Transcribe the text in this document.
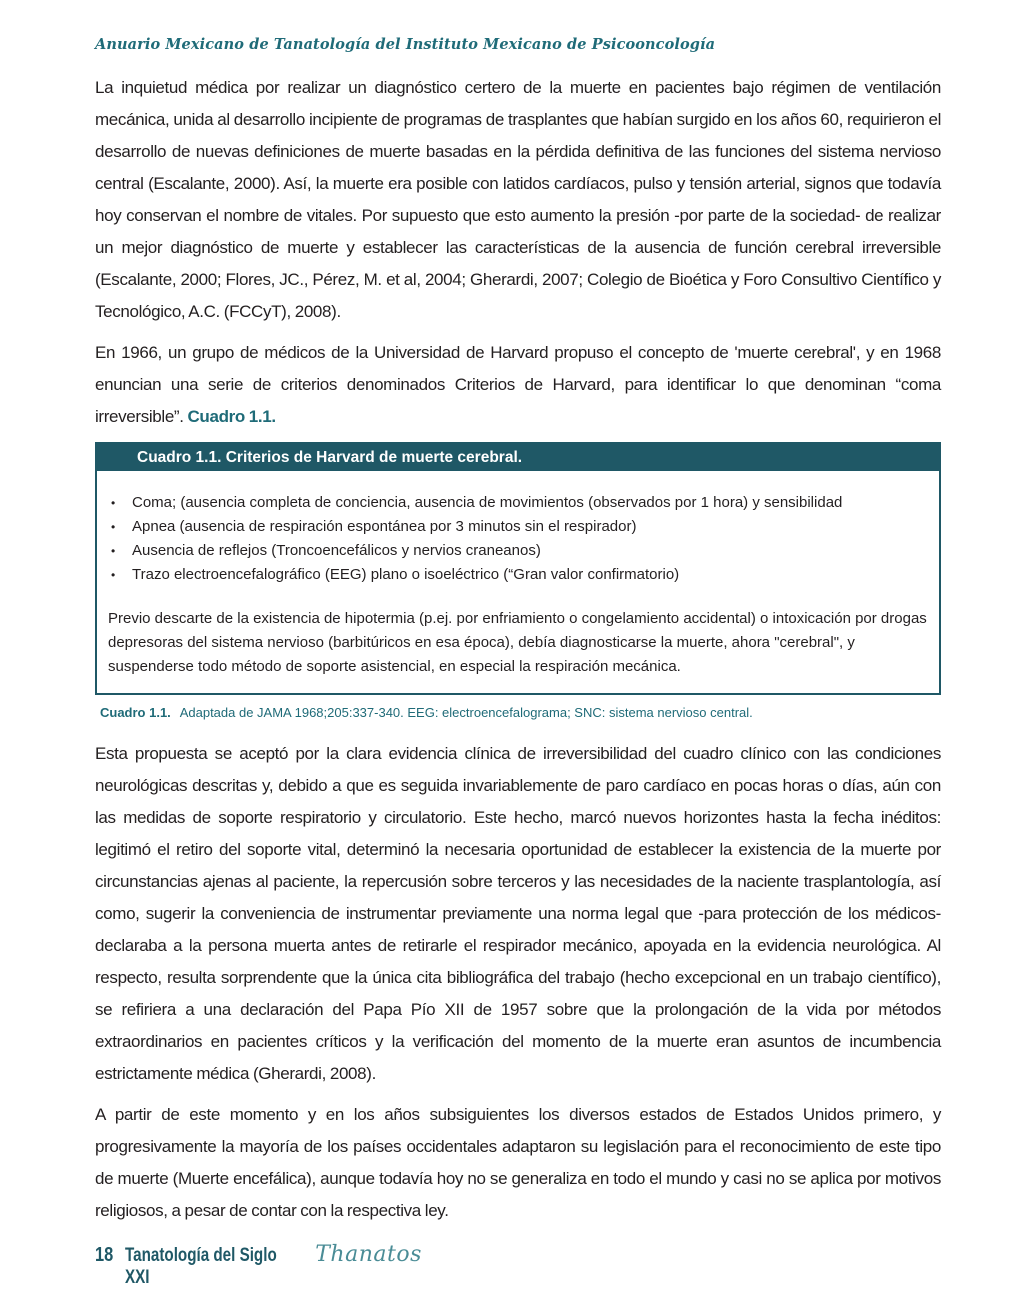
Anuario Mexicano de Tanatología del Instituto Mexicano de Psicooncología

La inquietud médica por realizar un diagnóstico certero de la muerte en pacientes bajo régimen de ventilación mecánica, unida al desarrollo incipiente de programas de trasplantes que habían surgido en los años 60, requirieron el desarrollo de nuevas definiciones de muerte basadas en la pérdida definitiva de las funciones del sistema nervioso central (Escalante, 2000). Así, la muerte era posible con latidos cardíacos, pulso y tensión arterial, signos que todavía hoy conservan el nombre de vitales. Por supuesto que esto aumento la presión -por parte de la sociedad- de realizar un mejor diagnóstico de muerte y establecer las características de la ausencia de función cerebral irreversible (Escalante, 2000; Flores, JC., Pérez, M. et al, 2004; Gherardi, 2007; Colegio de Bioética y Foro Consultivo Científico y Tecnológico, A.C. (FCCyT), 2008).

En 1966, un grupo de médicos de la Universidad de Harvard propuso el concepto de 'muerte cerebral', y en 1968 enuncian una serie de criterios denominados Criterios de Harvard, para identificar lo que denominan “coma irreversible”. Cuadro 1.1.

Cuadro 1.1. Criterios de Harvard de muerte cerebral.
• Coma; (ausencia completa de conciencia, ausencia de movimientos (observados por 1 hora) y sensibilidad
• Apnea (ausencia de respiración espontánea por 3 minutos sin el respirador)
• Ausencia de reflejos (Troncoencefálicos y nervios craneanos)
• Trazo electroencefalográfico (EEG) plano o isoeléctrico (“Gran valor confirmatorio)
Previo descarte de la existencia de hipotermia (p.ej. por enfriamiento o congelamiento accidental) o intoxicación por drogas depresoras del sistema nervioso (barbitúricos en esa época), debía diagnosticarse la muerte, ahora "cerebral", y suspenderse todo método de soporte asistencial, en especial la respiración mecánica.
Cuadro 1.1. Adaptada de JAMA 1968;205:337-340. EEG: electroencefalograma; SNC: sistema nervioso central.

Esta propuesta se aceptó por la clara evidencia clínica de irreversibilidad del cuadro clínico con las condiciones neurológicas descritas y, debido a que es seguida invariablemente de paro cardíaco en pocas horas o días, aún con las medidas de soporte respiratorio y circulatorio. Este hecho, marcó nuevos horizontes hasta la fecha inéditos: legitimó el retiro del soporte vital, determinó la necesaria oportunidad de establecer la existencia de la muerte por circunstancias ajenas al paciente, la repercusión sobre terceros y las necesidades de la naciente trasplantología, así como, sugerir la conveniencia de instrumentar previamente una norma legal que -para protección de los médicos- declaraba a la persona muerta antes de retirarle el respirador mecánico, apoyada en la evidencia neurológica. Al respecto, resulta sorprendente que la única cita bibliográfica del trabajo (hecho excepcional en un trabajo científico), se refiriera a una declaración del Papa Pío XII de 1957 sobre que la prolongación de la vida por métodos extraordinarios en pacientes críticos y la verificación del momento de la muerte eran asuntos de incumbencia estrictamente médica (Gherardi, 2008).

A partir de este momento y en los años subsiguientes los diversos estados de Estados Unidos primero, y progresivamente la mayoría de los países occidentales adaptaron su legislación para el reconocimiento de este tipo de muerte (Muerte encefálica), aunque todavía hoy no se generaliza en todo el mundo y casi no se aplica por motivos religiosos, a pesar de contar con la respectiva ley.

18 Tanatología del Siglo XXI
Thanatos
